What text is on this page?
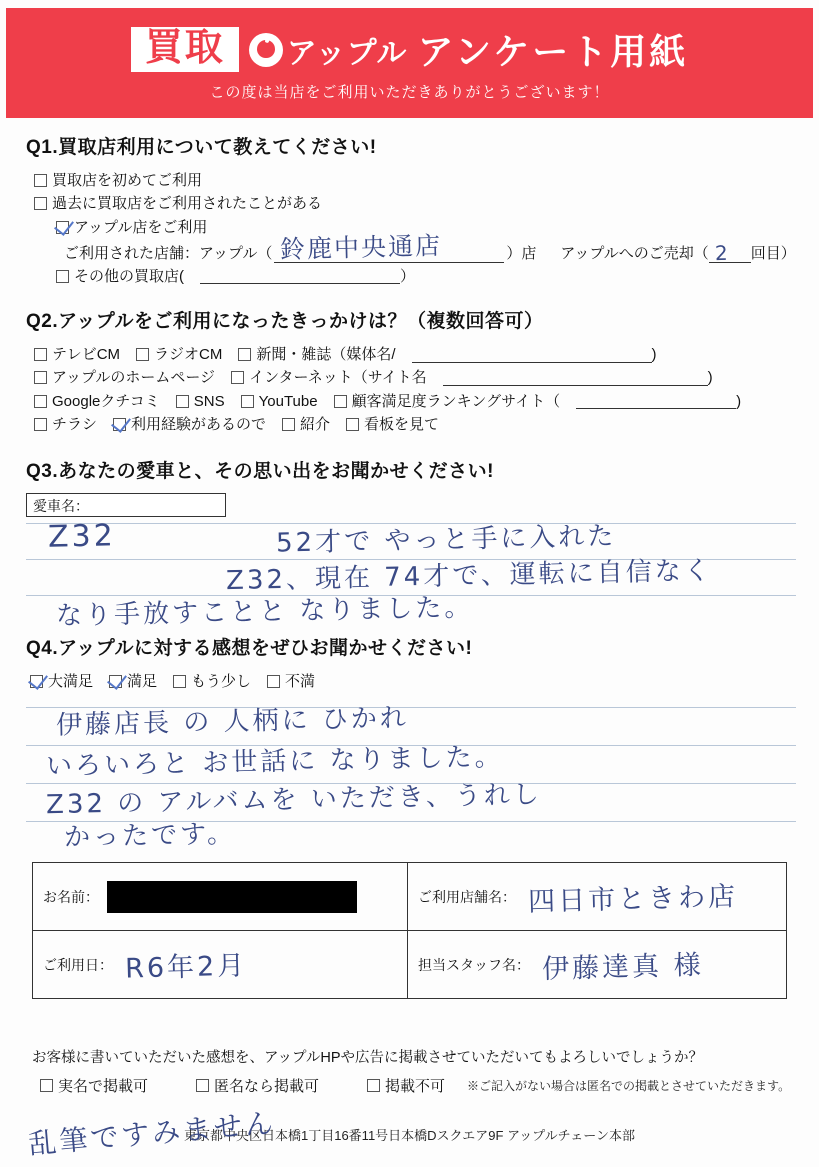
買取	アップル アンケート用紙
この度は当店をご利用いただきありがとうございます！
Q1.買取店利用について教えてください!
買取店を初めてご利用
過去に買取店をご利用されたことがある
アップル店をご利用
ご利用された店舗：アップル（ 鈴鹿中央通店	）店 アップルへのご売却（ 2 回目）
その他の買取店(	）
Q2.アップルをご利用になったきっかけは？（複数回答可）
テレビCM ラジオCM 新聞・雑誌（媒体名/	)
アップルのホームページ インターネット（サイト名	)
Googleクチコミ SNS YouTube 顧客満足度ランキングサイト（	)
チラシ 利用経験があるので 紹介 看板を見て
Q3.あなたの愛車と、その思い出をお聞かせください!
愛車名：
Z32	52才で やっと手に入れた
Z32、現在 74才で、運転に自信なく
なり手放すことと なりました。
Q4.アップルに対する感想をぜひお聞かせください!
大満足 満足 もう少し 不満
伊藤店長 の 人柄に ひかれ
いろいろと お世話に なりました。
Z32 の アルバムを いただき、うれし
かったです。
お名前：	ご利用店舗名： 四日市ときわ店
ご利用日： R6年2月	担当スタッフ名： 伊藤達真 様
お客様に書いていただいた感想を、アップルHPや広告に掲載させていただいてもよろしいでしょうか？
実名で掲載可	匿名なら掲載可	掲載不可 ※ご記入がない場合は匿名での掲載とさせていただきます。
東京都中央区日本橋1丁目16番11号日本橋Dスクエア9F アップルチェーン本部
乱筆ですみません
